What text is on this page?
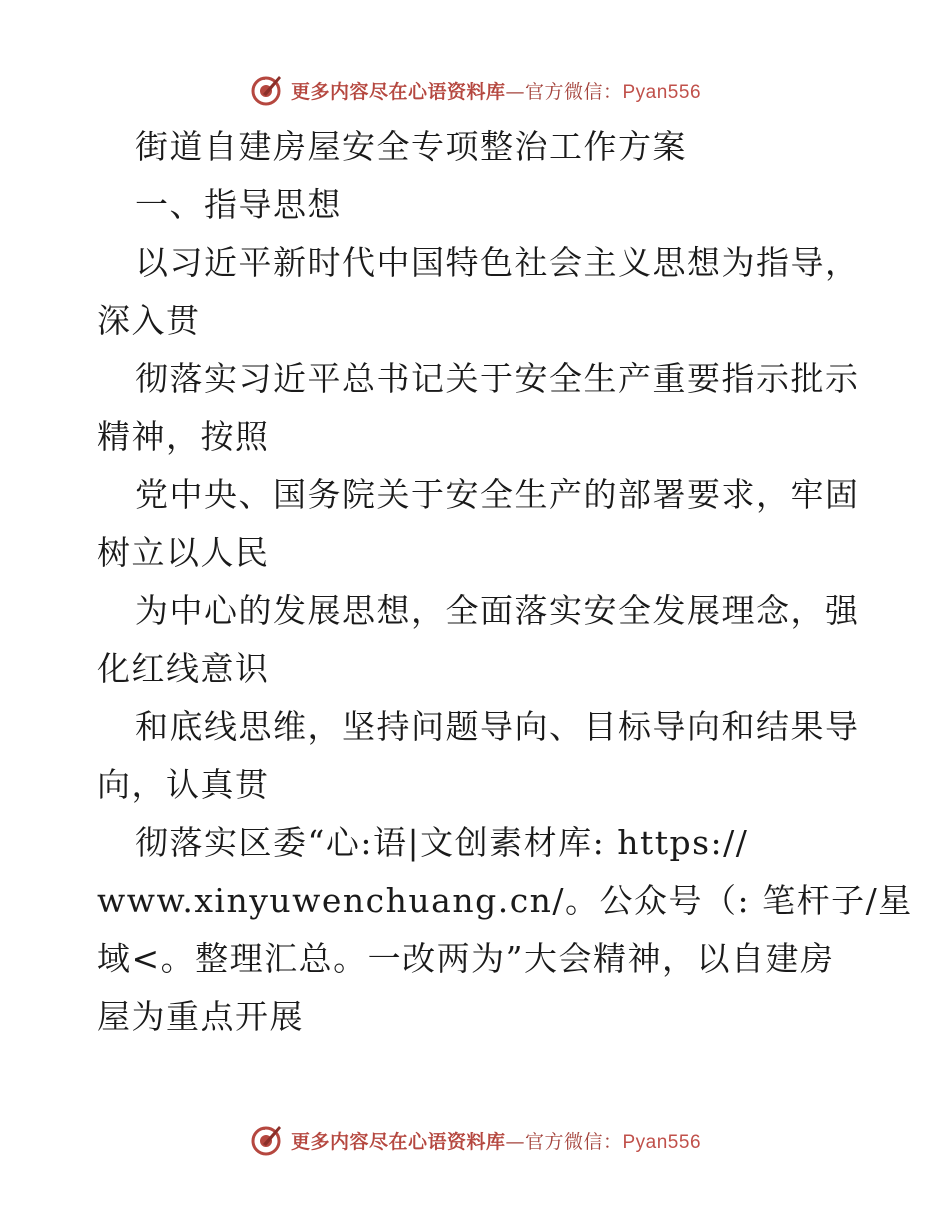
更多内容尽在心语资料库—官方微信：Pyan556
街道自建房屋安全专项整治工作方案
一、指导思想
以习近平新时代中国特色社会主义思想为指导，
深入贯
彻落实习近平总书记关于安全生产重要指示批示
精神，按照
党中央、国务院关于安全生产的部署要求，牢固
树立以人民
为中心的发展思想，全面落实安全发展理念，强
化红线意识
和底线思维，坚持问题导向、目标导向和结果导
向，认真贯
彻落实区委“心:语|文创素材库: https://
www.xinyuwenchuang.cn/。公众号（: 笔杆子/星
域<。整理汇总。一改两为”大会精神，以自建房
屋为重点开展
更多内容尽在心语资料库—官方微信：Pyan556
